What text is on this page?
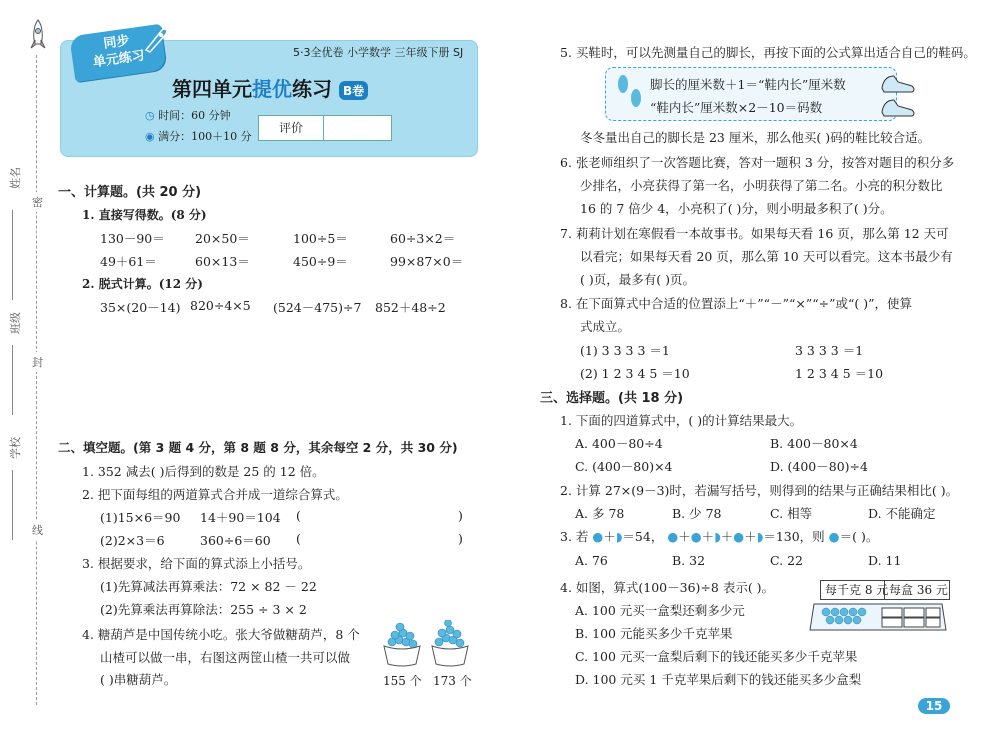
密
封
线
姓名
班级
学校
同步
单元练习	5·3全优卷 小学数学 三年级下册 SJ
第四单元提优练习 B卷
◷ 时间：60 分钟
◉ 满分：100＋10 分
评价
一、计算题。(共 20 分)
1. 直接写得数。(8 分)
130－90＝ 20×50＝	100÷5＝	60÷3×2＝
49＋61＝	60×13＝	450÷9＝	99×87×0＝
2. 脱式计算。(12 分)
35×(20－14) 820÷4×5 (524－475)÷7 852＋48÷2
二、填空题。(第 3 题 4 分，第 8 题 8 分，其余每空 2 分，共 30 分)
1. 352 减去( )后得到的数是 25 的 12 倍。
2. 把下面每组的两道算式合并成一道综合算式。
(1)15×6＝90 14＋90＝104 (	)
(2)2×3＝6	360÷6＝60 (	)
3. 根据要求，给下面的算式添上小括号。
(1)先算减法再算乘法：72 × 82 － 22
(2)先算乘法再算除法：255 ÷ 3 × 2
4. 糖葫芦是中国传统小吃。张大爷做糖葫芦，8 个
山楂可以做一串，右图这两筐山楂一共可以做
( )串糖葫芦。	155 个 173 个
5. 买鞋时，可以先测量自己的脚长，再按下面的公式算出适合自己的鞋码。
脚长的厘米数＋1＝“鞋内长”厘米数
“鞋内长”厘米数×2－10＝码数
冬冬量出自己的脚长是 23 厘米，那么他买( )码的鞋比较合适。
6. 张老师组织了一次答题比赛，答对一题积 3 分，按答对题目的积分多
少排名，小亮获得了第一名，小明获得了第二名。小亮的积分数比
16 的 7 倍少 4，小亮积了( )分，则小明最多积了( )分。
7. 莉莉计划在寒假看一本故事书。如果每天看 16 页，那么第 12 天可
以看完；如果每天看 20 页，那么第 10 天可以看完。这本书最少有
( )页，最多有( )页。
8. 在下面算式中合适的位置添上“＋”“－”“×”“÷”或“( )”，使算
式成立。
(1) 3 3 3 3 ＝1	3 3 3 3 ＝1
(2) 1 2 3 4 5 ＝10	1 2 3 4 5 ＝10
三、选择题。(共 18 分)
1. 下面的四道算式中，( )的计算结果最大。
A. 400－80÷4	B. 400－80×4
C. (400－80)×4	D. (400－80)÷4
2. 计算 27×(9－3)时，若漏写括号，则得到的结果与正确结果相比( )。
A. 多 78	B. 少 78	C. 相等	D. 不能确定
3. 若 ●＋◗＝54， ●＋●＋◗＋●＋◗＝130，则 ●＝( )。
A. 76	B. 32	C. 22	D. 11
4. 如图，算式(100－36)÷8 表示( )。	每千克 8 元 每盒 36 元
A. 100 元买一盒梨还剩多少元
B. 100 元能买多少千克苹果
C. 100 元买一盒梨后剩下的钱还能买多少千克苹果
D. 100 元买 1 千克苹果后剩下的钱还能买多少盒梨
15
